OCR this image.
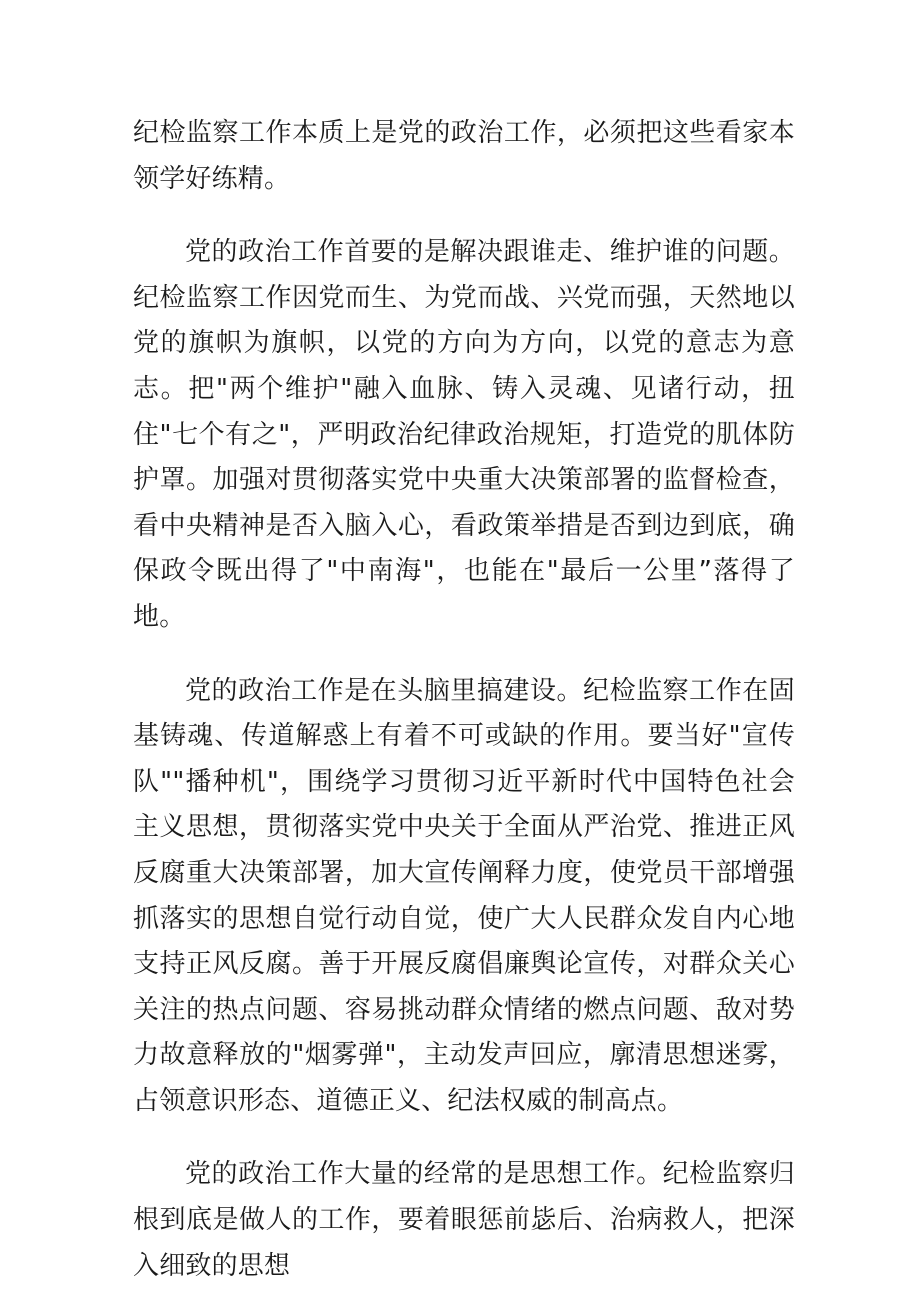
纪检监察工作本质上是党的政治工作，必须把这些看家本领学好练精。

党的政治工作首要的是解决跟谁走、维护谁的问题。纪检监察工作因党而生、为党而战、兴党而强，天然地以党的旗帜为旗帜，以党的方向为方向，以党的意志为意志。把"两个维护"融入血脉、铸入灵魂、见诸行动，扭住"七个有之"，严明政治纪律政治规矩，打造党的肌体防护罩。加强对贯彻落实党中央重大决策部署的监督检查，看中央精神是否入脑入心，看政策举措是否到边到底，确保政令既出得了"中南海"，也能在"最后一公里”落得了地。

党的政治工作是在头脑里搞建设。纪检监察工作在固基铸魂、传道解惑上有着不可或缺的作用。要当好"宣传队""播种机"，围绕学习贯彻习近平新时代中国特色社会主义思想，贯彻落实党中央关于全面从严治党、推进正风反腐重大决策部署，加大宣传阐释力度，使党员干部增强抓落实的思想自觉行动自觉，使广大人民群众发自内心地支持正风反腐。善于开展反腐倡廉舆论宣传，对群众关心关注的热点问题、容易挑动群众情绪的燃点问题、敌对势力故意释放的"烟雾弹"，主动发声回应，廓清思想迷雾，占领意识形态、道德正义、纪法权威的制高点。

党的政治工作大量的经常的是思想工作。纪检监察归根到底是做人的工作，要着眼惩前毖后、治病救人，把深入细致的思想
